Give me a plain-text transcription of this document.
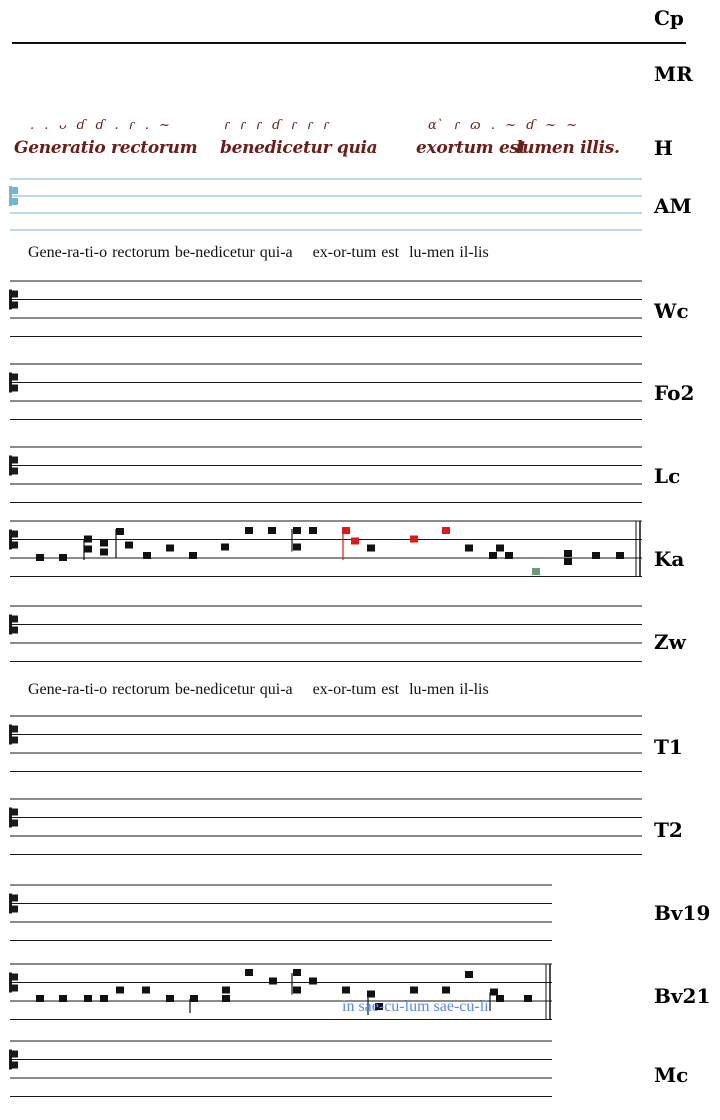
Cp
MR
H
AM
Wc
Fo2
Lc
Ka
Zw
T1
T2
Bv19
Bv21
Mc
. . ᴗ ɗ ɗ . ɾ . ~	ɾ ɾ ɾ ɗ ɾ ɾ ɾ	ɑ ̀ ɾ ɷ . ~ ɗ ~ ~
Generatio rectorum benedicetur quia exortum est
lumen illis.
Gene-ra-ti-o rectorum be-nedicetur qui-a    ex-or-tum est  lu-men il-lis
Gene-ra-ti-o rectorum be-nedicetur qui-a    ex-or-tum est  lu-men il-lis
in sae-cu-lum sae-cu-li
